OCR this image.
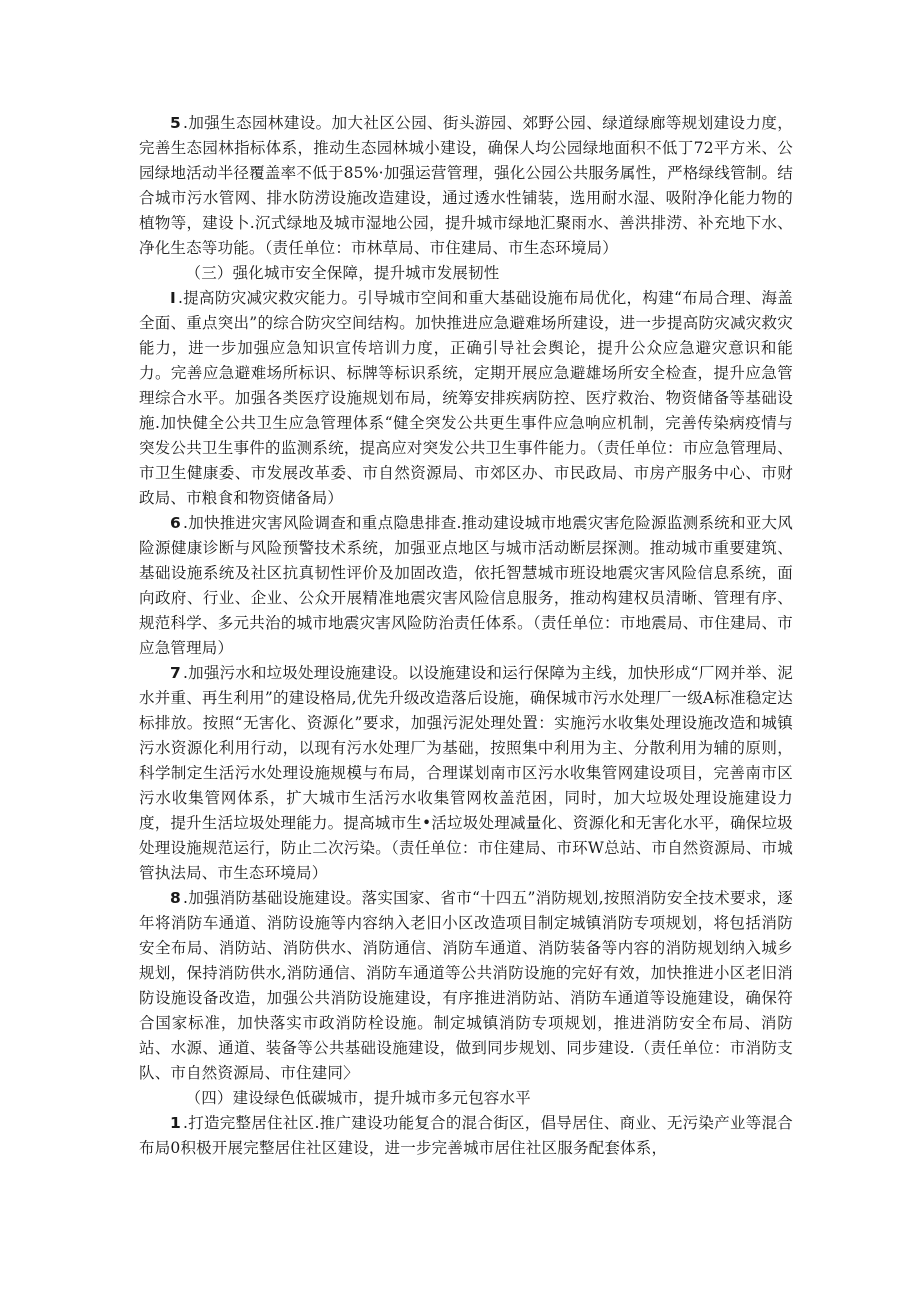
5 .加强生态园林建设。加大社区公园、街头游园、郊野公园、绿道绿廊等规划建设力度，完善生态园林指标体系，推动生态园林城小建设，确保人均公园绿地面积不低丁72平方米、公园绿地活动半径覆盖率不低于85%·加强运营管理，强化公园公共服务属性，严格绿线管制。结合城市污水管网、排水防涝设施改造建设，通过透水性铺装，选用耐水湿、吸附净化能力物的植物等，建设卜.沉式绿地及城市湿地公园，提升城市绿地汇聚雨水、善洪排涝、补充地下水、净化生态等功能。（责任单位：市林草局、市住建局、市生态环境局）

（三）强化城市安全保障，提升城市发展韧性

I .提高防灾减灾救灾能力。引导城市空间和重大基础设施布局优化，构建“布局合理、海盖全面、重点突出”的综合防灾空间结构。加快推进应急避难场所建设，进一步提高防灾减灾救灾能力，进一步加强应急知识宣传培训力度，正确引导社会舆论，提升公众应急避灾意识和能力。完善应急避难场所标识、标牌等标识系统，定期开展应急避雄场所安全检查，提升应急管理综合水平。加强各类医疗设施规划布局，统筹安排疾病防控、医疗救治、物资储备等基础设施.加快健全公共卫生应急管理体系“健全突发公共更生事件应急响应机制，完善传染病疫情与突发公共卫生事件的监测系统，提高应对突发公共卫生事件能力。（责任单位：市应急管理局、市卫生健康委、市发展改革委、市自然资源局、市郊区办、市民政局、市房产服务中心、市财政局、市粮食和物资储备局）

6 .加快推进灾害风险调查和重点隐患排查.推动建设城市地震灾害危险源监测系统和亚大风险源健康诊断与风险预警技术系统，加强亚点地区与城市活动断层探测。推动城市重要建筑、基础设施系统及社区抗真韧性评价及加固改造，依托智慧城市班设地震灾害风险信息系统，面向政府、行业、企业、公众开展精准地震灾害风险信息服务，推动构建权员清晰、管理有序、规范科学、多元共治的城市地震灾害风险防治责任体系。（责任单位：市地震局、市住建局、市应急管理局）

7 .加强污水和垃圾处理设施建设。以设施建设和运行保障为主线，加快形成“厂网并举、泥水并重、再生利用”的建设格局,优先升级改造落后设施，确保城市污水处理厂一级A标准稳定达标排放。按照“无害化、资源化”要求，加强污泥处理处置：实施污水收集处理设施改造和城镇污水资源化利用行动，以现有污水处理厂为基础，按照集中利用为主、分散利用为辅的原则，科学制定生活污水处理设施规模与布局，合理谋划南市区污水收集管网建设项目，完善南市区污水收集管网体系，扩大城市生活污水收集管网枚盖范困，同时，加大垃圾处理设施建设力度，提升生活垃圾处理能力。提高城市生•活垃圾处理减量化、资源化和无害化水平，确保垃圾处理设施规范运行，防止二次污染。（责任单位：市住建局、市环W总站、市自然资源局、市城管执法局、市生态环境局）

8 .加强消防基础设施建设。落实国家、省市“十四五”消防规划,按照消防安全技术要求，逐年将消防车通道、消防设施等内容纳入老旧小区改造项目制定城镇消防专项规划，将包括消防安全布局、消防站、消防供水、消防通信、消防车通道、消防装备等内容的消防规划纳入城乡规划，保持消防供水,消防通信、消防车通道等公共消防设施的完好有效，加快推进小区老旧消防设施设备改造，加强公共消防设施建设，有序推进消防站、消防车通道等设施建设，确保符合国家标准，加快落实市政消防栓设施。制定城镇消防专项规划，推进消防安全布局、消防站、水源、通道、装备等公共基础设施建设，做到同步规划、同步建设.（责任单位：市消防支队、市自然资源局、市住建同〉

（四）建设绿色低碳城市，提升城市多元包容水平

1 .打造完整居住社区.推广建设功能复合的混合街区，倡导居住、商业、无污染产业等混合布局0积极开展完整居住社区建设，进一步完善城市居住社区服务配套体系，
